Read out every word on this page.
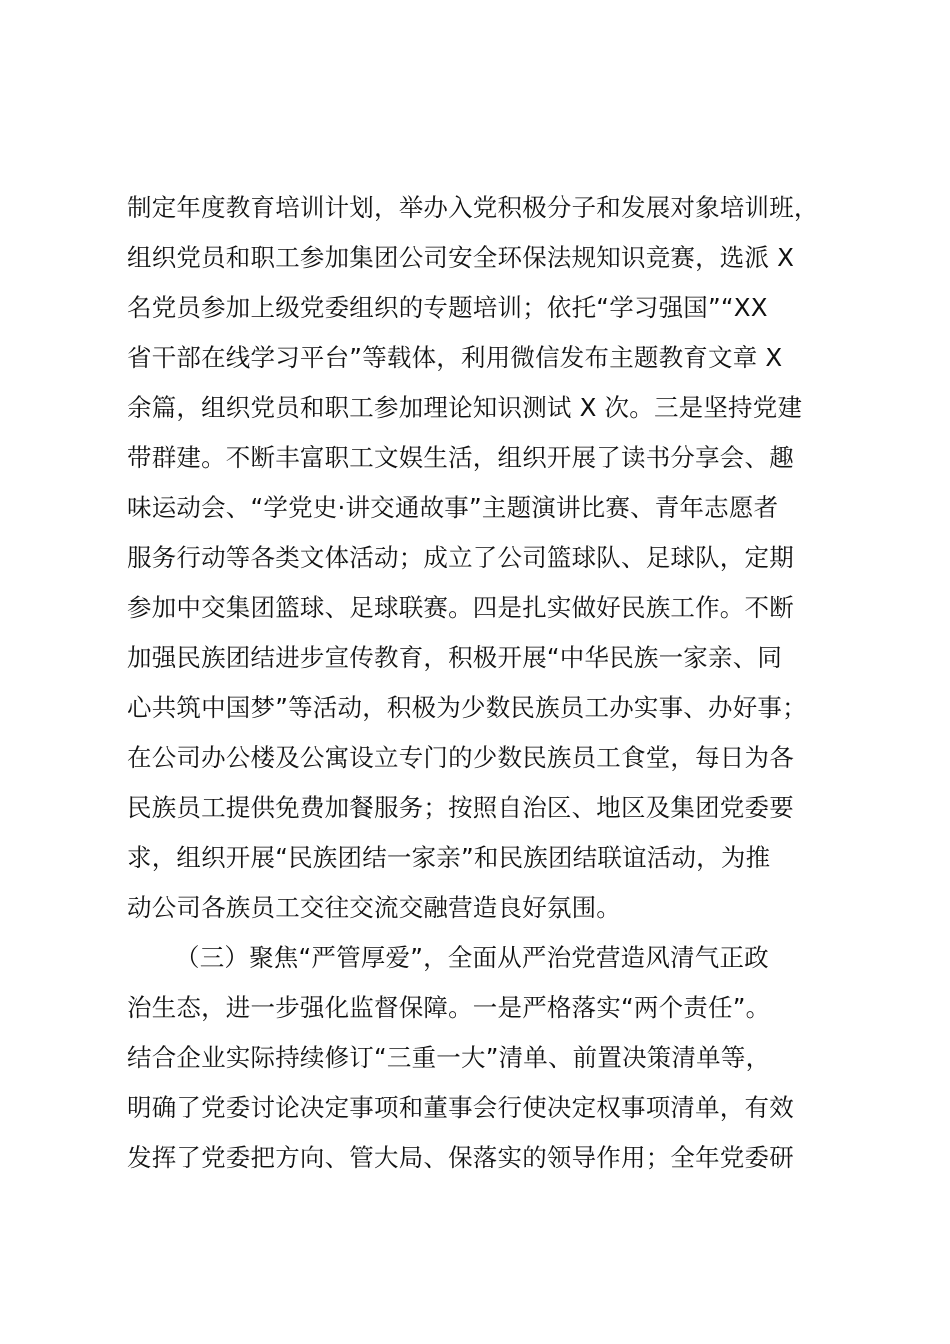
制定年度教育培训计划，举办入党积极分子和发展对象培训班，
组织党员和职工参加集团公司安全环保法规知识竞赛，选派 X
名党员参加上级党委组织的专题培训；依托“学习强国”“XX
省干部在线学习平台”等载体，利用微信发布主题教育文章 X
余篇，组织党员和职工参加理论知识测试 X 次。三是坚持党建
带群建。不断丰富职工文娱生活，组织开展了读书分享会、趣
味运动会、“学党史·讲交通故事”主题演讲比赛、青年志愿者
服务行动等各类文体活动；成立了公司篮球队、足球队，定期
参加中交集团篮球、足球联赛。四是扎实做好民族工作。不断
加强民族团结进步宣传教育，积极开展“中华民族一家亲、同
心共筑中国梦”等活动，积极为少数民族员工办实事、办好事；
在公司办公楼及公寓设立专门的少数民族员工食堂，每日为各
民族员工提供免费加餐服务；按照自治区、地区及集团党委要
求，组织开展“民族团结一家亲”和民族团结联谊活动，为推
动公司各族员工交往交流交融营造良好氛围。
（三）聚焦“严管厚爱”，全面从严治党营造风清气正政
治生态，进一步强化监督保障。一是严格落实“两个责任”。
结合企业实际持续修订“三重一大”清单、前置决策清单等，
明确了党委讨论决定事项和董事会行使决定权事项清单，有效
发挥了党委把方向、管大局、保落实的领导作用；全年党委研
